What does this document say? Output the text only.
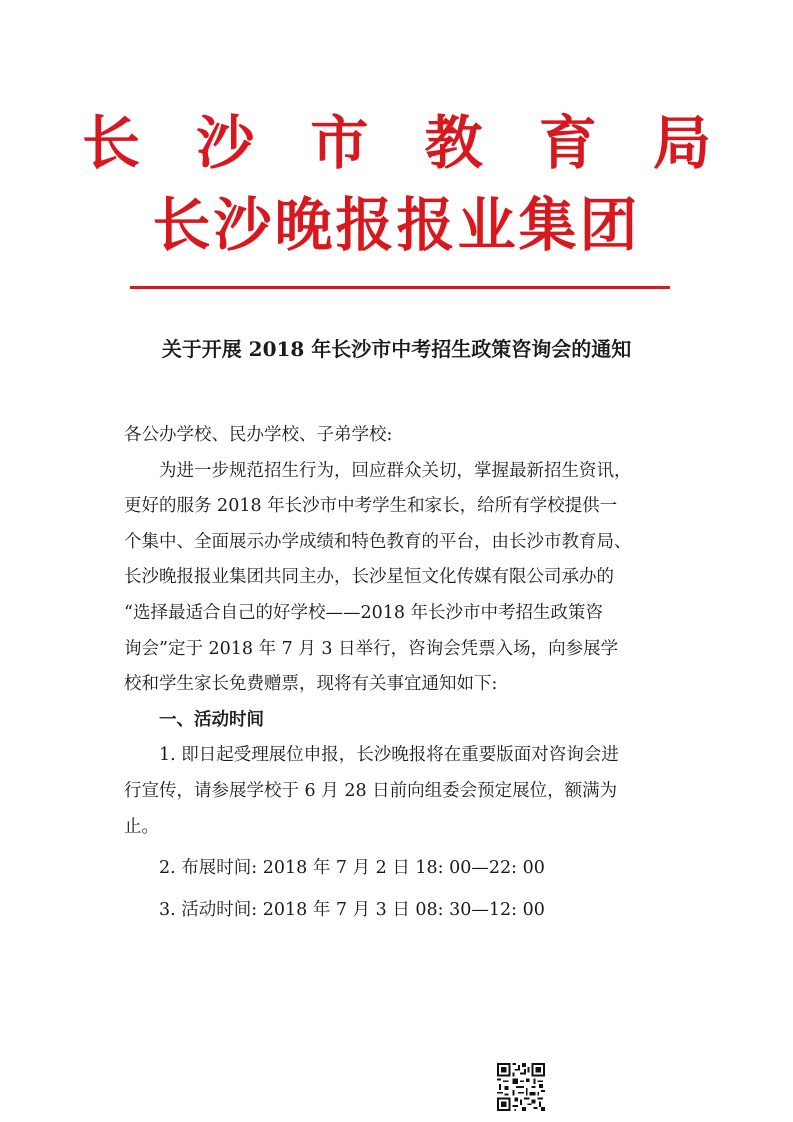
长 沙 市 教 育 局
长沙晚报报业集团
关于开展 2018 年长沙市中考招生政策咨询会的通知
各公办学校、民办学校、子弟学校:
为进一步规范招生行为，回应群众关切，掌握最新招生资讯，
更好的服务 2018 年长沙市中考学生和家长，给所有学校提供一
个集中、全面展示办学成绩和特色教育的平台，由长沙市教育局、
长沙晚报报业集团共同主办，长沙星恒文化传媒有限公司承办的
“选择最适合自己的好学校——2018 年长沙市中考招生政策咨
询会”定于 2018 年 7 月 3 日举行，咨询会凭票入场，向参展学
校和学生家长免费赠票，现将有关事宜通知如下:
一、活动时间
1. 即日起受理展位申报，长沙晚报将在重要版面对咨询会进
行宣传，请参展学校于 6 月 28 日前向组委会预定展位，额满为
止。
2. 布展时间: 2018 年 7 月 2 日 18: 00—22: 00
3. 活动时间: 2018 年 7 月 3 日 08: 30—12: 00
